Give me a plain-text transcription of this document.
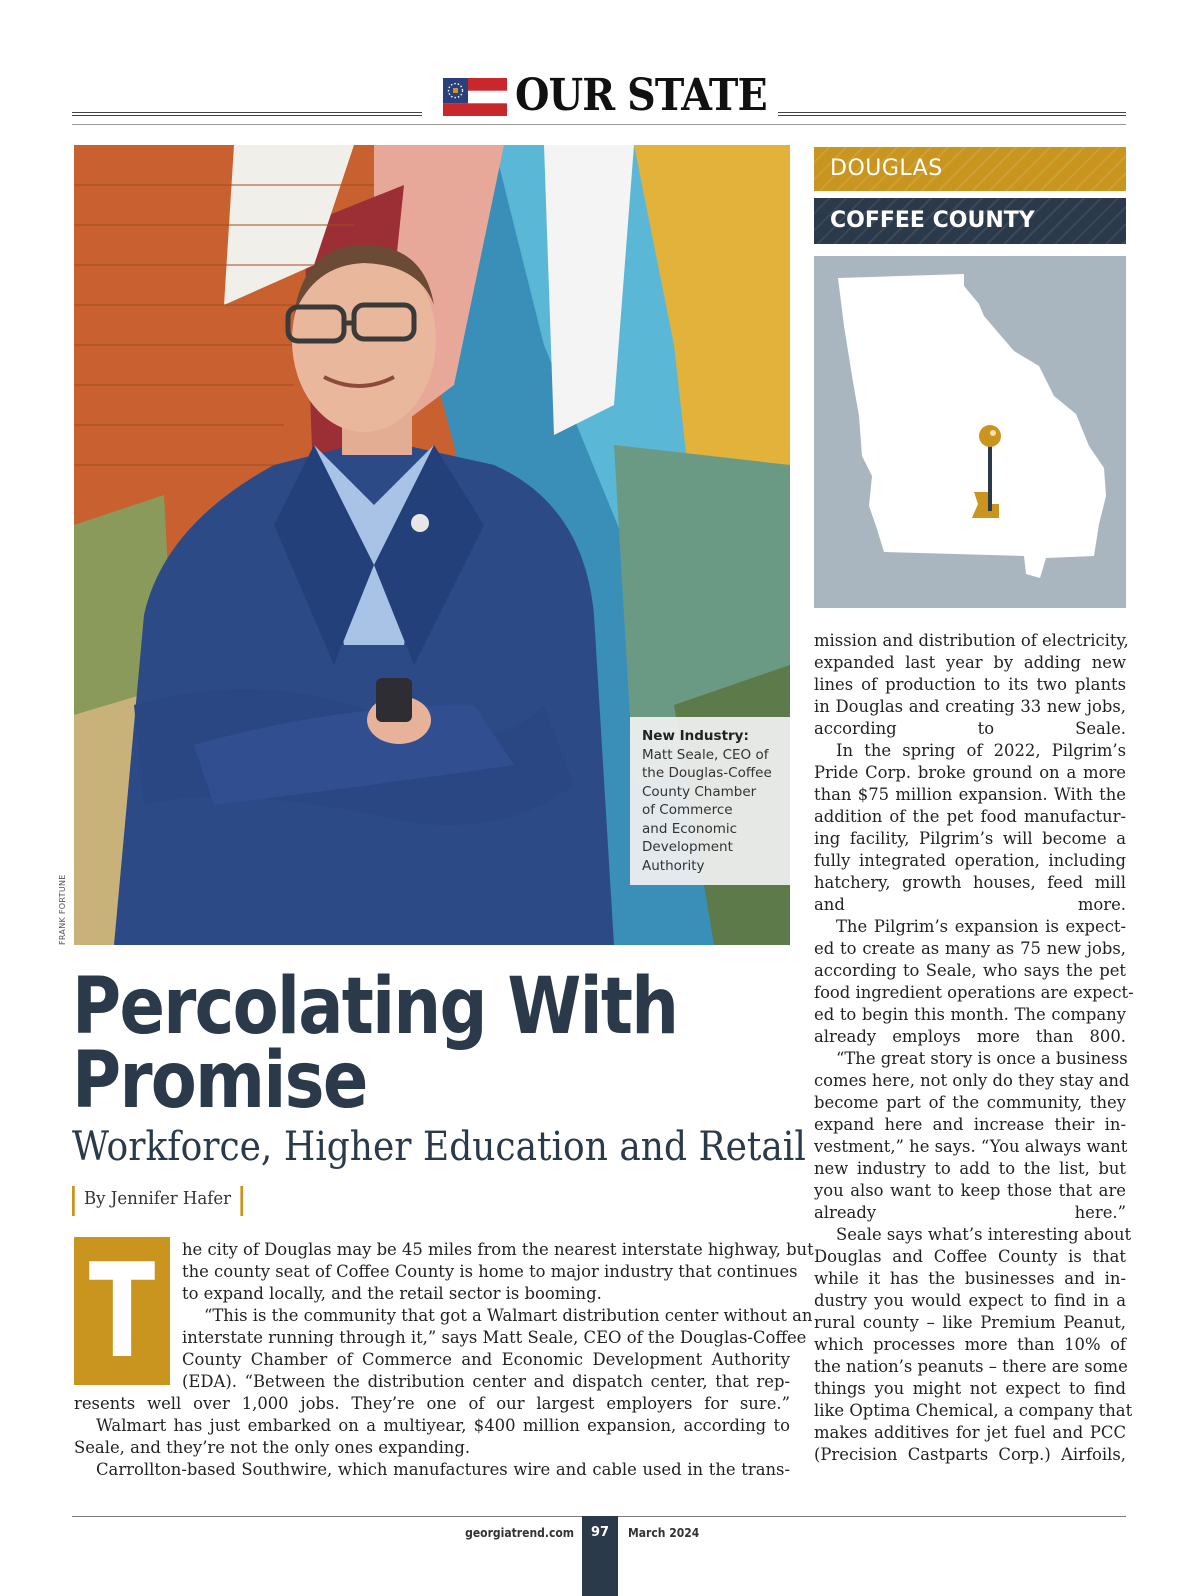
OUR STATE
New Industry:
Matt Seale, CEO of
the Douglas-Coffee
County Chamber
of Commerce
and Economic
Development
Authority
FRANK FORTUNE
DOUGLAS
COFFEE COUNTY
Percolating With
Promise
Workforce, Higher Education and Retail
By Jennifer Hafer
T he city of Douglas may be 45 miles from the nearest interstate highway, but
the county seat of Coffee County is home to major industry that continues
to expand locally, and the retail sector is booming.
“This is the community that got a Walmart distribution center without an
interstate running through it,” says Matt Seale, CEO of the Douglas-Coffee
County Chamber of Commerce and Economic Development Authority
(EDA). “Between the distribution center and dispatch center, that rep-
resents well over 1,000 jobs. They’re one of our largest employers for sure.”
Walmart has just embarked on a multiyear, $400 million expansion, according to
Seale, and they’re not the only ones expanding.
Carrollton-based Southwire, which manufactures wire and cable used in the trans-
mission and distribution of electricity,
expanded last year by adding new
lines of production to its two plants
in Douglas and creating 33 new jobs,
according to Seale.
In the spring of 2022, Pilgrim’s
Pride Corp. broke ground on a more
than $75 million expansion. With the
addition of the pet food manufactur-
ing facility, Pilgrim’s will become a
fully integrated operation, including
hatchery, growth houses, feed mill
and more.
The Pilgrim’s expansion is expect-
ed to create as many as 75 new jobs,
according to Seale, who says the pet
food ingredient operations are expect-
ed to begin this month. The company
already employs more than 800.
“The great story is once a business
comes here, not only do they stay and
become part of the community, they
expand here and increase their in-
vestment,” he says. “You always want
new industry to add to the list, but
you also want to keep those that are
already here.”
Seale says what’s interesting about
Douglas and Coffee County is that
while it has the businesses and in-
dustry you would expect to find in a
rural county – like Premium Peanut,
which processes more than 10% of
the nation’s peanuts – there are some
things you might not expect to find
like Optima Chemical, a company that
makes additives for jet fuel and PCC
(Precision Castparts Corp.) Airfoils,
georgiatrend.com	97	March 2024
